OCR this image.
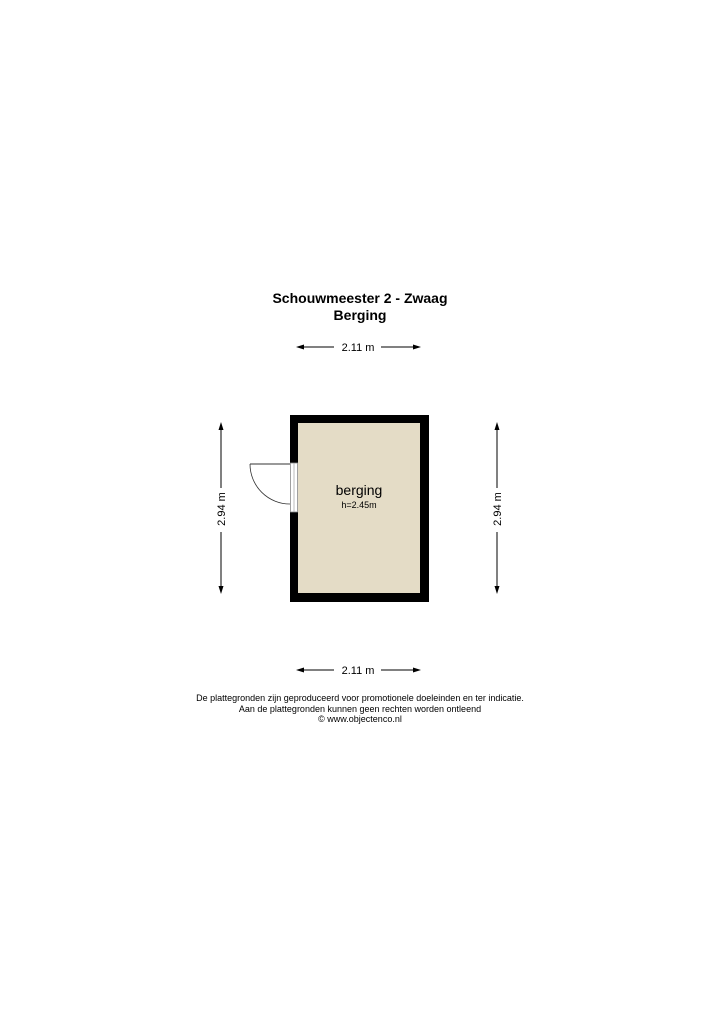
Schouwmeester 2 - Zwaag
Berging
2.11 m
2.11 m
2.94 m	2.94 m
berging
h=2.45m
De plattegronden zijn geproduceerd voor promotionele doeleinden en ter indicatie.
Aan de plattegronden kunnen geen rechten worden ontleend
© www.objectenco.nl
